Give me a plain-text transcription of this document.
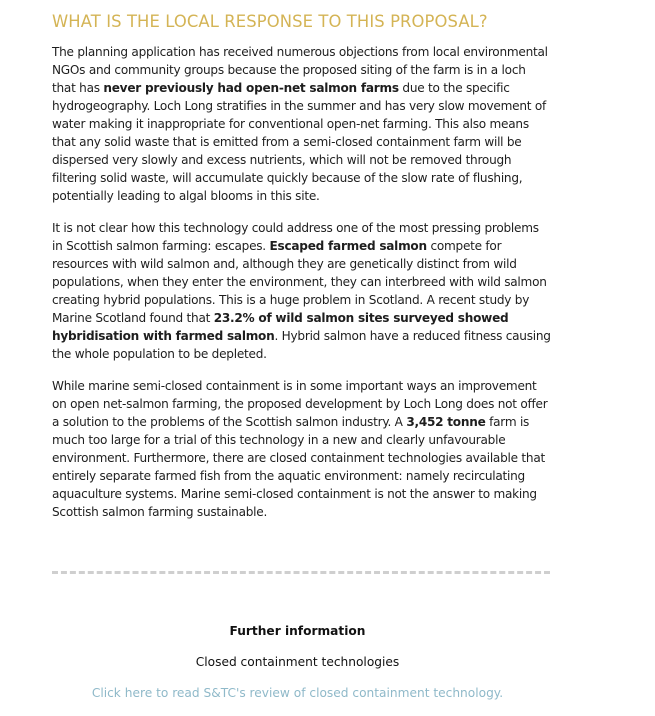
WHAT IS THE LOCAL RESPONSE TO THIS PROPOSAL?

The planning application has received numerous objections from local environmental NGOs and community groups because the proposed siting of the farm is in a loch that has never previously had open-net salmon farms due to the specific hydrogeography. Loch Long stratifies in the summer and has very slow movement of water making it inappropriate for conventional open-net farming. This also means that any solid waste that is emitted from a semi-closed containment farm will be dispersed very slowly and excess nutrients, which will not be removed through filtering solid waste, will accumulate quickly because of the slow rate of flushing, potentially leading to algal blooms in this site.

It is not clear how this technology could address one of the most pressing problems in Scottish salmon farming: escapes. Escaped farmed salmon compete for resources with wild salmon and, although they are genetically distinct from wild populations, when they enter the environment, they can interbreed with wild salmon creating hybrid populations. This is a huge problem in Scotland. A recent study by Marine Scotland found that 23.2% of wild salmon sites surveyed showed hybridisation with farmed salmon. Hybrid salmon have a reduced fitness causing the whole population to be depleted.

While marine semi-closed containment is in some important ways an improvement on open net-salmon farming, the proposed development by Loch Long does not offer a solution to the problems of the Scottish salmon industry. A 3,452 tonne farm is much too large for a trial of this technology in a new and clearly unfavourable environment. Furthermore, there are closed containment technologies available that entirely separate farmed fish from the aquatic environment: namely recirculating aquaculture systems. Marine semi-closed containment is not the answer to making Scottish salmon farming sustainable.

Further information
Closed containment technologies
Click here to read S&TC's review of closed containment technology.
